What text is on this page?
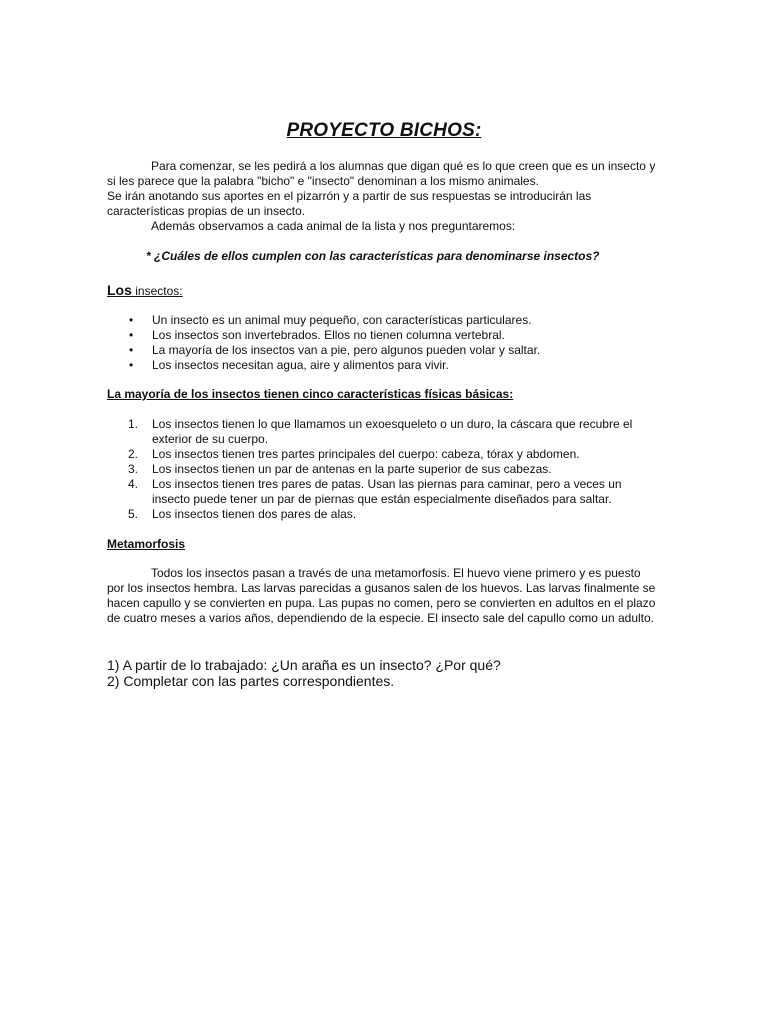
PROYECTO BICHOS:

Para comenzar, se les pedirá a los alumnas que digan qué es lo que creen que es un insecto y si les parece que la palabra "bicho" e "insecto" denominan a los mismo animales.

Se irán anotando sus aportes en el pizarrón y a partir de sus respuestas se introducirán las características propias de un insecto.

Además observamos a cada animal de la lista y nos preguntaremos:

* ¿Cuáles de ellos cumplen con las características para denominarse insectos?
Los insectos:
• Un insecto es un animal muy pequeño, con características particulares.
• Los insectos son invertebrados. Ellos no tienen columna vertebral.
• La mayoría de los insectos van a pie, pero algunos pueden volar y saltar.
• Los insectos necesitan agua, aire y alimentos para vivir.
La mayoría de los insectos tienen cinco características físicas básicas:
1. Los insectos tienen lo que llamamos un exoesqueleto o un duro, la cáscara que recubre el exterior de su cuerpo.
2. Los insectos tienen tres partes principales del cuerpo: cabeza, tórax y abdomen.
3. Los insectos tienen un par de antenas en la parte superior de sus cabezas.
4. Los insectos tienen tres pares de patas. Usan las piernas para caminar, pero a veces un insecto puede tener un par de piernas que están especialmente diseñados para saltar.
5. Los insectos tienen dos pares de alas.
Metamorfosis
Todos los insectos pasan a través de una metamorfosis. El huevo viene primero y es puesto por los insectos hembra. Las larvas parecidas a gusanos salen de los huevos. Las larvas finalmente se hacen capullo y se convierten en pupa. Las pupas no comen, pero se convierten en adultos en el plazo de cuatro meses a varios años, dependiendo de la especie. El insecto sale del capullo como un adulto.

1) A partir de lo trabajado: ¿Un araña es un insecto? ¿Por qué?

2) Completar con las partes correspondientes.
